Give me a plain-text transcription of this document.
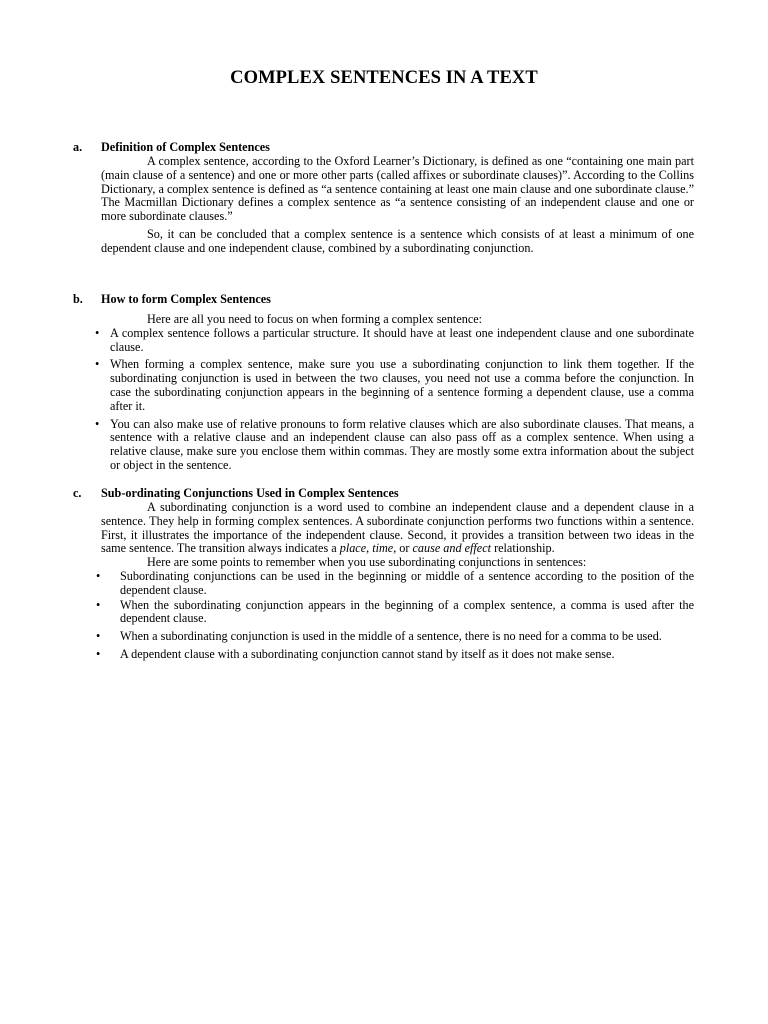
COMPLEX SENTENCES IN A TEXT
a. Definition of Complex Sentences

A complex sentence, according to the Oxford Learner’s Dictionary, is defined as one “containing one main part (main clause of a sentence) and one or more other parts (called affixes or subordinate clauses)”. According to the Collins Dictionary, a complex sentence is defined as “a sentence containing at least one main clause and one subordinate clause.” The Macmillan Dictionary defines a complex sentence as “a sentence consisting of an independent clause and one or more subordinate clauses.”

So, it can be concluded that a complex sentence is a sentence which consists of at least a minimum of one dependent clause and one independent clause, combined by a subordinating conjunction.

b. How to form Complex Sentences

Here are all you need to focus on when forming a complex sentence:

• A complex sentence follows a particular structure. It should have at least one independent clause and one subordinate clause.
• When forming a complex sentence, make sure you use a subordinating conjunction to link them together. If the subordinating conjunction is used in between the two clauses, you need not use a comma before the conjunction. In case the subordinating conjunction appears in the beginning of a sentence forming a dependent clause, use a comma after it.
• You can also make use of relative pronouns to form relative clauses which are also subordinate clauses. That means, a sentence with a relative clause and an independent clause can also pass off as a complex sentence. When using a relative clause, make sure you enclose them within commas. They are mostly some extra information about the subject or object in the sentence.
c. Sub-ordinating Conjunctions Used in Complex Sentences

A subordinating conjunction is a word used to combine an independent clause and a dependent clause in a sentence. They help in forming complex sentences. A subordinate conjunction performs two functions within a sentence. First, it illustrates the importance of the independent clause. Second, it provides a transition between two ideas in the same sentence. The transition always indicates a place, time, or cause and effect relationship.

Here are some points to remember when you use subordinating conjunctions in sentences:

• Subordinating conjunctions can be used in the beginning or middle of a sentence according to the position of the dependent clause.
• When the subordinating conjunction appears in the beginning of a complex sentence, a comma is used after the dependent clause.
• When a subordinating conjunction is used in the middle of a sentence, there is no need for a comma to be used.
• A dependent clause with a subordinating conjunction cannot stand by itself as it does not make sense.
